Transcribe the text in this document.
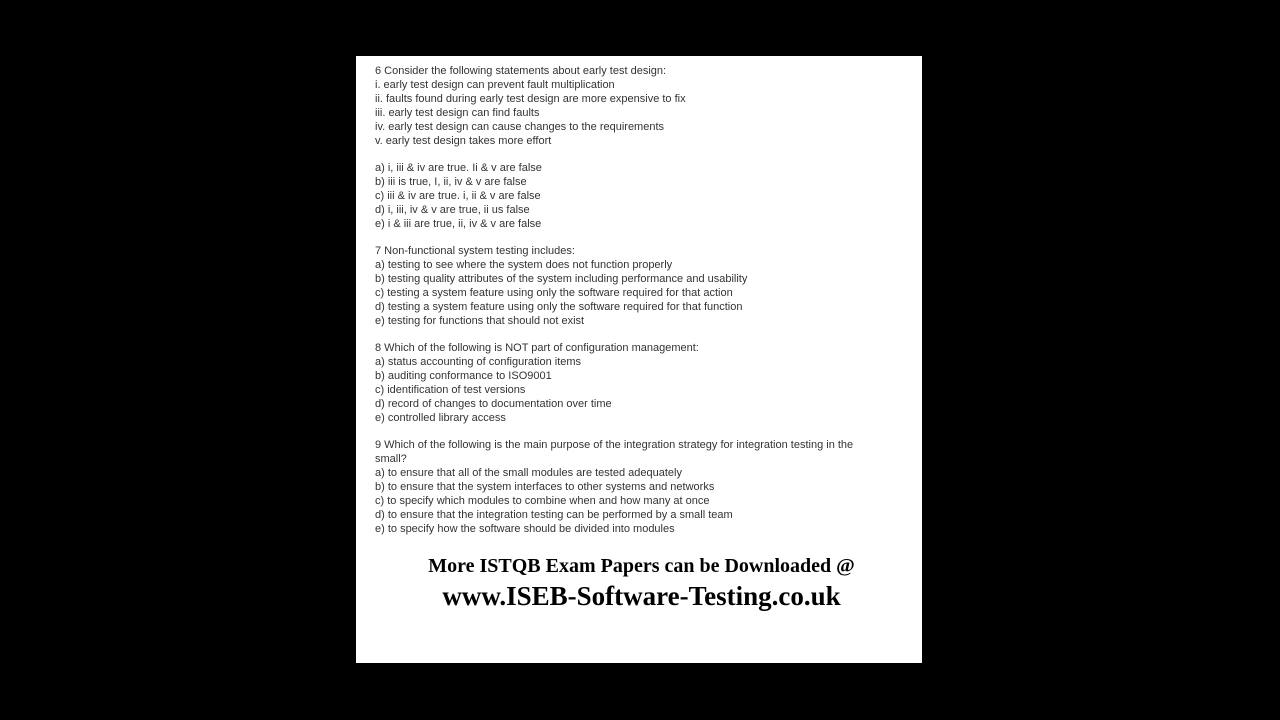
6 Consider the following statements about early test design:
i. early test design can prevent fault multiplication
ii. faults found during early test design are more expensive to fix
iii. early test design can find faults
iv. early test design can cause changes to the requirements
v. early test design takes more effort
a) i, iii & iv are true. Ii & v are false
b) iii is true, I, ii, iv & v are false
c) iii & iv are true. i, ii & v are false
d) i, iii, iv & v are true, ii us false
e) i & iii are true, ii, iv & v are false
7 Non-functional system testing includes:
a) testing to see where the system does not function properly
b) testing quality attributes of the system including performance and usability
c) testing a system feature using only the software required for that action
d) testing a system feature using only the software required for that function
e) testing for functions that should not exist
8 Which of the following is NOT part of configuration management:
a) status accounting of configuration items
b) auditing conformance to ISO9001
c) identification of test versions
d) record of changes to documentation over time
e) controlled library access
9 Which of the following is the main purpose of the integration strategy for integration testing in the
small?
a) to ensure that all of the small modules are tested adequately
b) to ensure that the system interfaces to other systems and networks
c) to specify which modules to combine when and how many at once
d) to ensure that the integration testing can be performed by a small team
e) to specify how the software should be divided into modules
More ISTQB Exam Papers can be Downloaded @
www.ISEB-Software-Testing.co.uk
